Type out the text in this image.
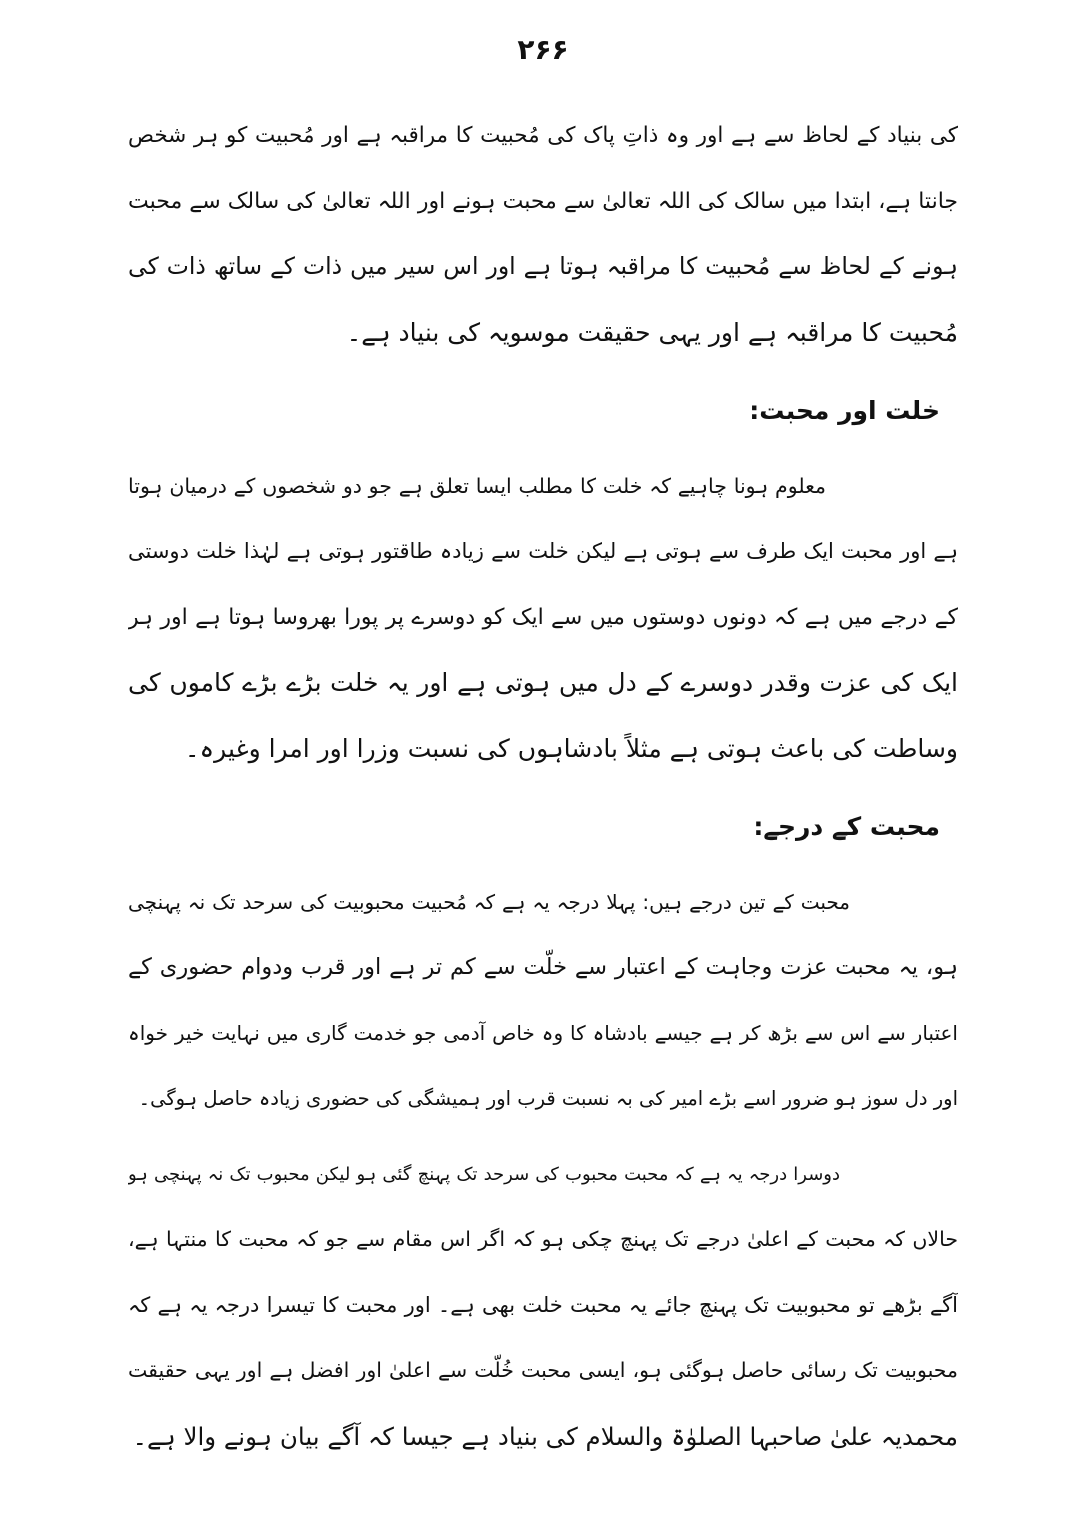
۲۶۶
کی بنیاد کے لحاظ سے ہے اور وہ ذاتِ پاک کی مُحبیت کا مراقبہ ہے اور مُحبیت کو ہر شخص
جانتا ہے، ابتدا میں سالک کی اللہ تعالیٰ سے محبت ہونے اور اللہ تعالیٰ کی سالک سے محبت
ہونے کے لحاظ سے مُحبیت کا مراقبہ ہوتا ہے اور اس سیر میں ذات کے ساتھ ذات کی
مُحبیت کا مراقبہ ہے اور یہی حقیقت موسویہ کی بنیاد ہے۔
خلت اور محبت:
معلوم ہونا چاہیے کہ خلت کا مطلب ایسا تعلق ہے جو دو شخصوں کے درمیان ہوتا
ہے اور محبت ایک طرف سے ہوتی ہے لیکن خلت سے زیادہ طاقتور ہوتی ہے لہٰذا خلت دوستی
کے درجے میں ہے کہ دونوں دوستوں میں سے ایک کو دوسرے پر پورا بھروسا ہوتا ہے اور ہر
ایک کی عزت وقدر دوسرے کے دل میں ہوتی ہے اور یہ خلت بڑے بڑے کاموں کی
وساطت کی باعث ہوتی ہے مثلاً بادشاہوں کی نسبت وزرا اور امرا وغیرہ۔
محبت کے درجے:
محبت کے تین درجے ہیں: پہلا درجہ یہ ہے کہ مُحبیت محبوبیت کی سرحد تک نہ پہنچی
ہو، یہ محبت عزت وجاہت کے اعتبار سے خلّت سے کم تر ہے اور قرب ودوام حضوری کے
اعتبار سے اس سے بڑھ کر ہے جیسے بادشاہ کا وہ خاص آدمی جو خدمت گاری میں نہایت خیر خواہ
اور دل سوز ہو ضرور اسے بڑے امیر کی بہ نسبت قرب اور ہمیشگی کی حضوری زیادہ حاصل ہوگی۔
دوسرا درجہ یہ ہے کہ محبت محبوب کی سرحد تک پہنچ گئی ہو لیکن محبوب تک نہ پہنچی ہو
حالاں کہ محبت کے اعلیٰ درجے تک پہنچ چکی ہو کہ اگر اس مقام سے جو کہ محبت کا منتہا ہے،
آگے بڑھے تو محبوبیت تک پہنچ جائے یہ محبت خلت بھی ہے۔ اور محبت کا تیسرا درجہ یہ ہے کہ
محبوبیت تک رسائی حاصل ہوگئی ہو، ایسی محبت خُلّت سے اعلیٰ اور افضل ہے اور یہی حقیقت
محمدیہ علیٰ صاحبہا الصلوٰۃ والسلام کی بنیاد ہے جیسا کہ آگے بیان ہونے والا ہے۔
